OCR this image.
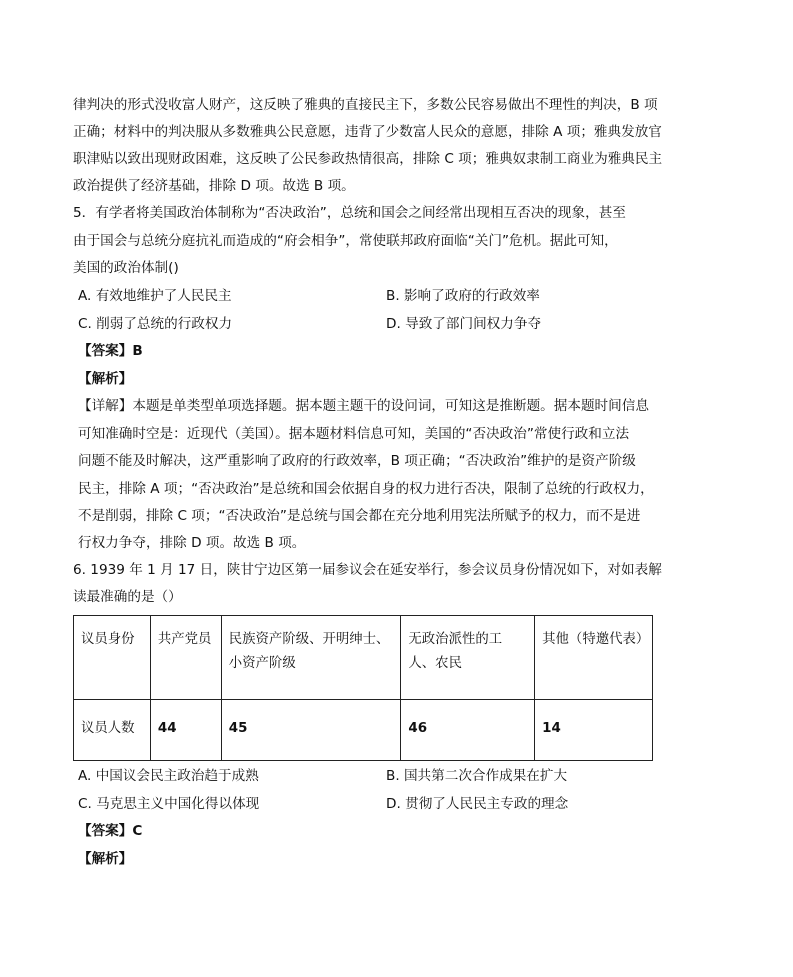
律判决的形式没收富人财产，这反映了雅典的直接民主下，多数公民容易做出不理性的判决，B 项
正确；材料中的判决服从多数雅典公民意愿，违背了少数富人民众的意愿，排除 A 项；雅典发放官
职津贴以致出现财政困难，这反映了公民参政热情很高，排除 C 项；雅典奴隶制工商业为雅典民主
政治提供了经济基础，排除 D 项。故选 B 项。
5．有学者将美国政治体制称为“否决政治”，总统和国会之间经常出现相互否决的现象，甚至
由于国会与总统分庭抗礼而造成的“府会相争”，常使联邦政府面临“关门”危机。据此可知，
美国的政治体制()
A. 有效地维护了人民民主	B. 影响了政府的行政效率
C. 削弱了总统的行政权力	D. 导致了部门间权力争夺
【答案】B
【解析】
【详解】本题是单类型单项选择题。据本题主题干的设问词，可知这是推断题。据本题时间信息
可知准确时空是：近现代（美国）。据本题材料信息可知，美国的“否决政治”常使行政和立法
问题不能及时解决，这严重影响了政府的行政效率，B 项正确；“否决政治”维护的是资产阶级
民主，排除 A 项；“否决政治”是总统和国会依据自身的权力进行否决，限制了总统的行政权力，
不是削弱，排除 C 项；“否决政治”是总统与国会都在充分地利用宪法所赋予的权力，而不是进
行权力争夺，排除 D 项。故选 B 项。
6. 1939 年 1 月 17 日，陕甘宁边区第一届参议会在延安举行，参会议员身份情况如下，对如表解
读最准确的是（）
议员身份	共产党员	民族资产阶级、开明绅士、小资产阶级	无政治派性的工人、农民	其他（特邀代表）

议员人数	44	45	46	14
A. 中国议会民主政治趋于成熟	B. 国共第二次合作成果在扩大
C. 马克思主义中国化得以体现	D. 贯彻了人民民主专政的理念
【答案】C
【解析】
